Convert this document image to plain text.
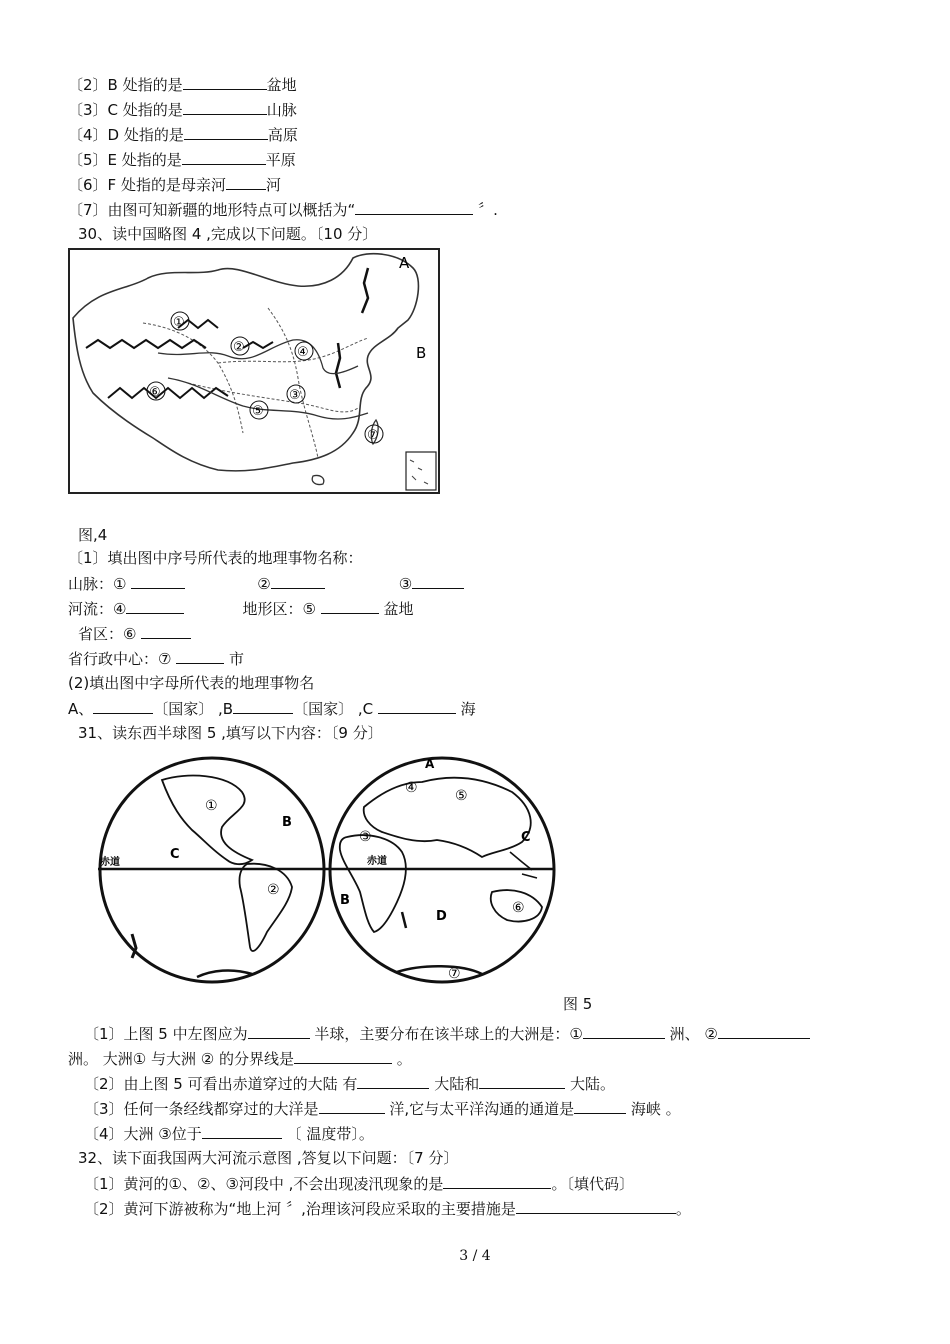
〔2〕B 处指的是	盆地
〔3〕C 处指的是	山脉
〔4〕D 处指的是	高原
〔5〕E 处指的是	平原
〔6〕F 处指的是母亲河	河
〔7〕由图可知新疆的地形特点可以概括为“	〞.
30、读中国略图 4 ,完成以下问题。〔10 分〕
A
B
①
②	④
③
⑥
⑤
⑦
图,4
〔1〕填出图中序号所代表的地理事物名称：
山脉：①	②	③
河流：④	地形区：⑤	盆地
省区：⑥
省行政中心：⑦	市
(2)填出图中字母所代表的地理事物名
A、	〔国家〕 ,B	〔国家〕 ,C	海
31、读东西半球图 5 ,填写以下内容：〔9 分〕
①
B
C
赤道
②
A
④	⑤
③	C
赤道
B
D
⑥
⑦
图 5
〔1〕上图 5 中左图应为	半球，主要分布在该半球上的大洲是：①	洲、 ②
洲。 大洲① 与大洲 ② 的分界线是	。
〔2〕由上图 5 可看出赤道穿过的大陆 有	大陆和	大陆。
〔3〕任何一条经线都穿过的大洋是	洋,它与太平洋沟通的通道是	海峡 。
〔4〕大洲 ③位于	〔 温度带〕。
32、读下面我国两大河流示意图 ,答复以下问题：〔7 分〕
〔1〕黄河的①、②、③河段中 ,不会出现凌汛现象的是	。〔填代码〕
〔2〕黄河下游被称为“地上河 〞,治理该河段应采取的主要措施是	。
3 / 4
